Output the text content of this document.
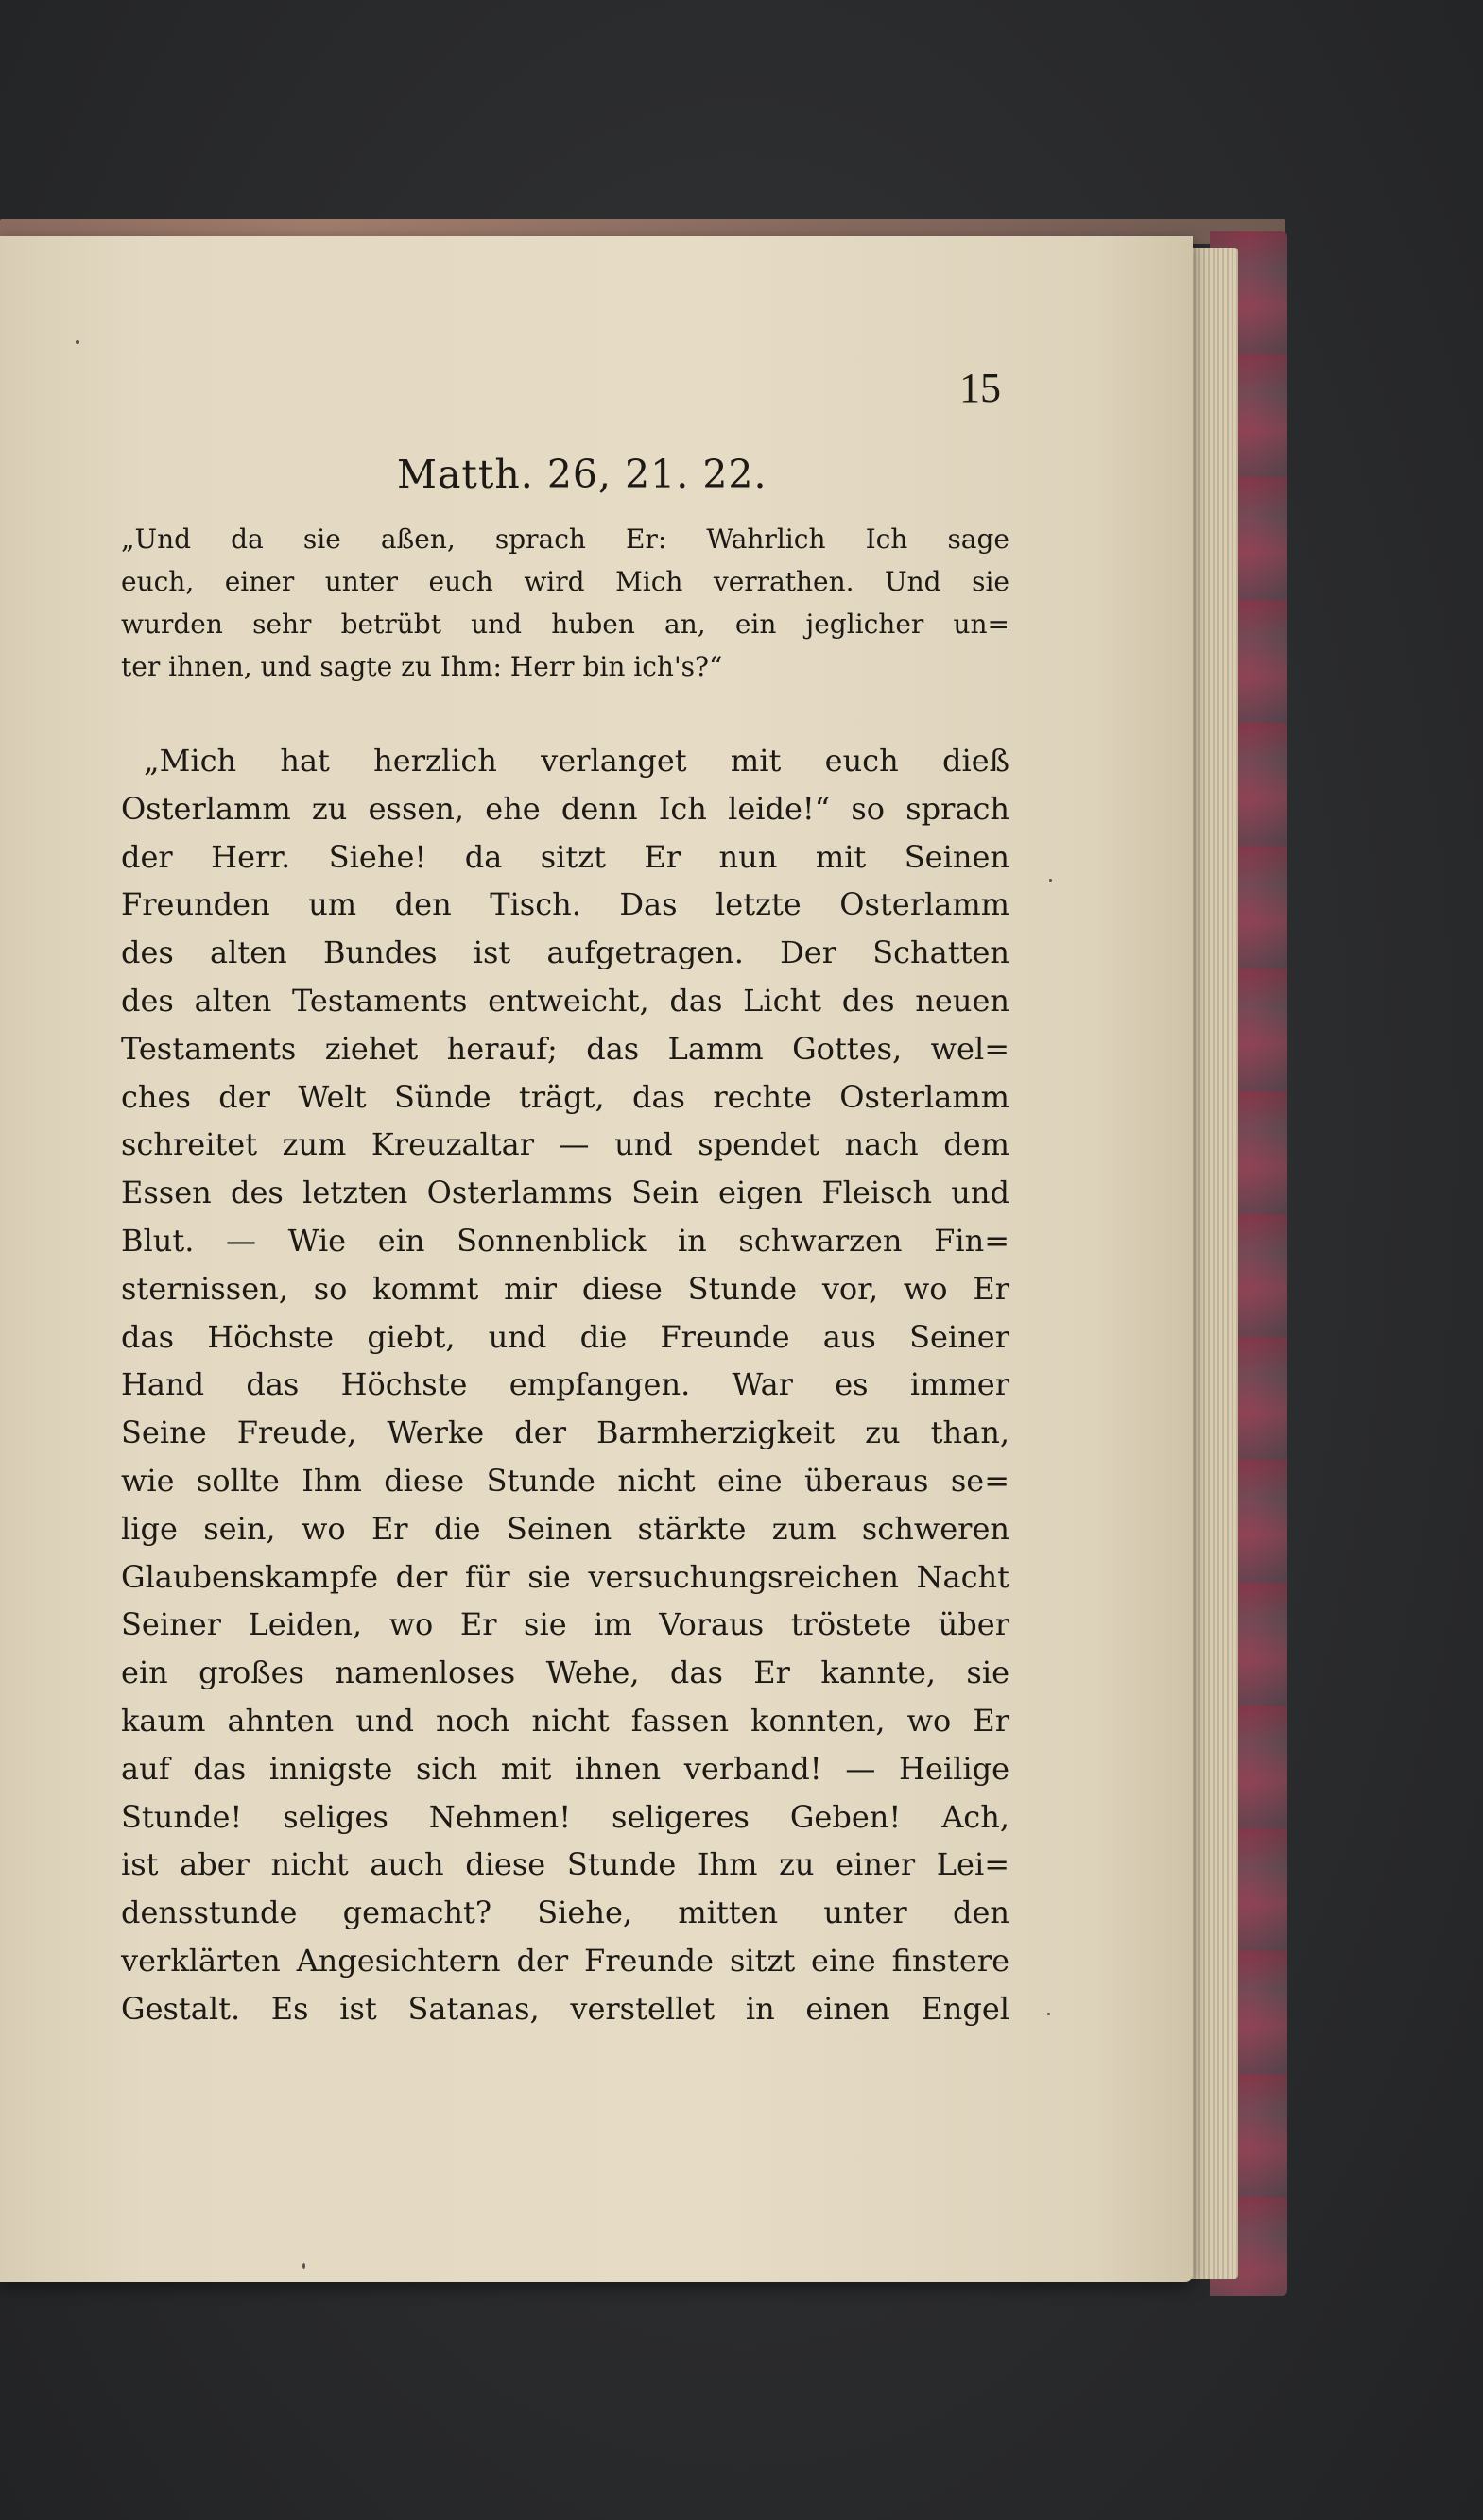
15
Matth. 26, 21. 22.
„Und da sie aßen, sprach Er: Wahrlich Ich sage
euch, einer unter euch wird Mich verrathen. Und sie
wurden sehr betrübt und huben an, ein jeglicher un=
ter ihnen, und sagte zu Ihm: Herr bin ich's?“
„Mich hat herzlich verlanget mit euch dieß
Osterlamm zu essen, ehe denn Ich leide!“ so sprach
der Herr. Siehe! da sitzt Er nun mit Seinen
Freunden um den Tisch. Das letzte Osterlamm
des alten Bundes ist aufgetragen. Der Schatten
des alten Testaments entweicht, das Licht des neuen
Testaments ziehet herauf; das Lamm Gottes, wel=
ches der Welt Sünde trägt, das rechte Osterlamm
schreitet zum Kreuzaltar — und spendet nach dem
Essen des letzten Osterlamms Sein eigen Fleisch und
Blut. — Wie ein Sonnenblick in schwarzen Fin=
sternissen, so kommt mir diese Stunde vor, wo Er
das Höchste giebt, und die Freunde aus Seiner
Hand das Höchste empfangen. War es immer
Seine Freude, Werke der Barmherzigkeit zu than,
wie sollte Ihm diese Stunde nicht eine überaus se=
lige sein, wo Er die Seinen stärkte zum schweren
Glaubenskampfe der für sie versuchungsreichen Nacht
Seiner Leiden, wo Er sie im Voraus tröstete über
ein großes namenloses Wehe, das Er kannte, sie
kaum ahnten und noch nicht fassen konnten, wo Er
auf das innigste sich mit ihnen verband! — Heilige
Stunde! seliges Nehmen! seligeres Geben! Ach,
ist aber nicht auch diese Stunde Ihm zu einer Lei=
densstunde gemacht? Siehe, mitten unter den
verklärten Angesichtern der Freunde sitzt eine finstere
Gestalt. Es ist Satanas, verstellet in einen Engel
